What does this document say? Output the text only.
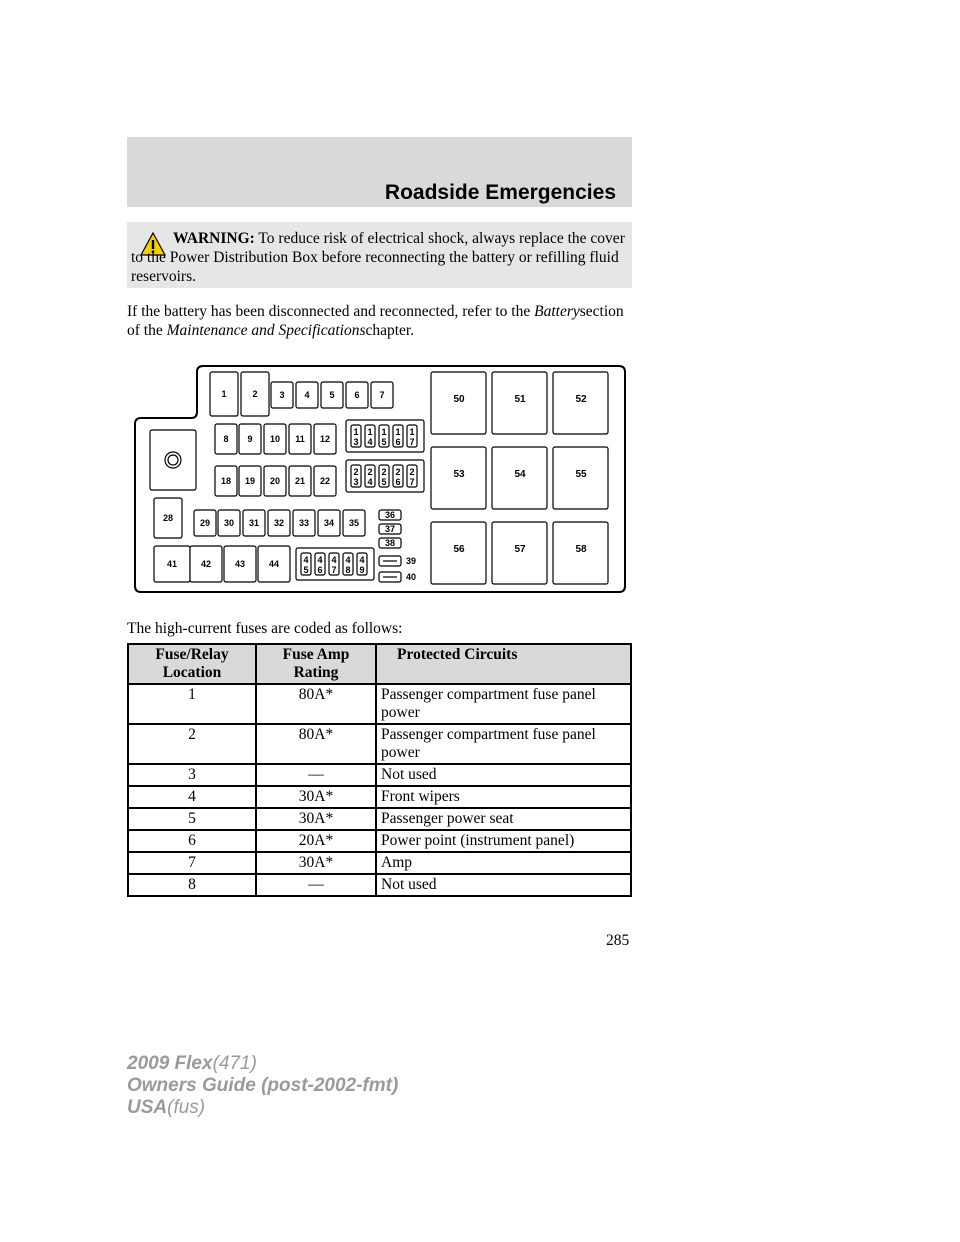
Roadside Emergencies
WARNING: To reduce risk of electrical shock, always replace the cover to the Power Distribution Box before reconnecting the battery or refilling fluid reservoirs.
If the battery has been disconnected and reconnected, refer to the Batterysection of the Maintenance and Specificationschapter.
1	2 3 4 5 6 7
8 9 10 11 12
18 19 20 21 22
28	29 30 31 32 33 34 35
41	42	43	44
1
3
1
4
1
5
1
6
1
7
2
3
2
4
2
5
2
6
2
7
4
5
4
6
4
7
4
8
4
9
36
37
38
39
40
50	51	52
53	54	55
56	57	58
The high-current fuses are coded as follows:
Fuse/Relay Location	Fuse Amp Rating	Protected Circuits
1	80A*	Passenger compartment fuse panel power
2	80A*	Passenger compartment fuse panel power
3	—	Not used
4	30A*	Front wipers
5	30A*	Passenger power seat
6	20A*	Power point (instrument panel)
7	30A*	Amp
8	—	Not used
285
2009 Flex(471)
Owners Guide (post-2002-fmt)
USA(fus)
